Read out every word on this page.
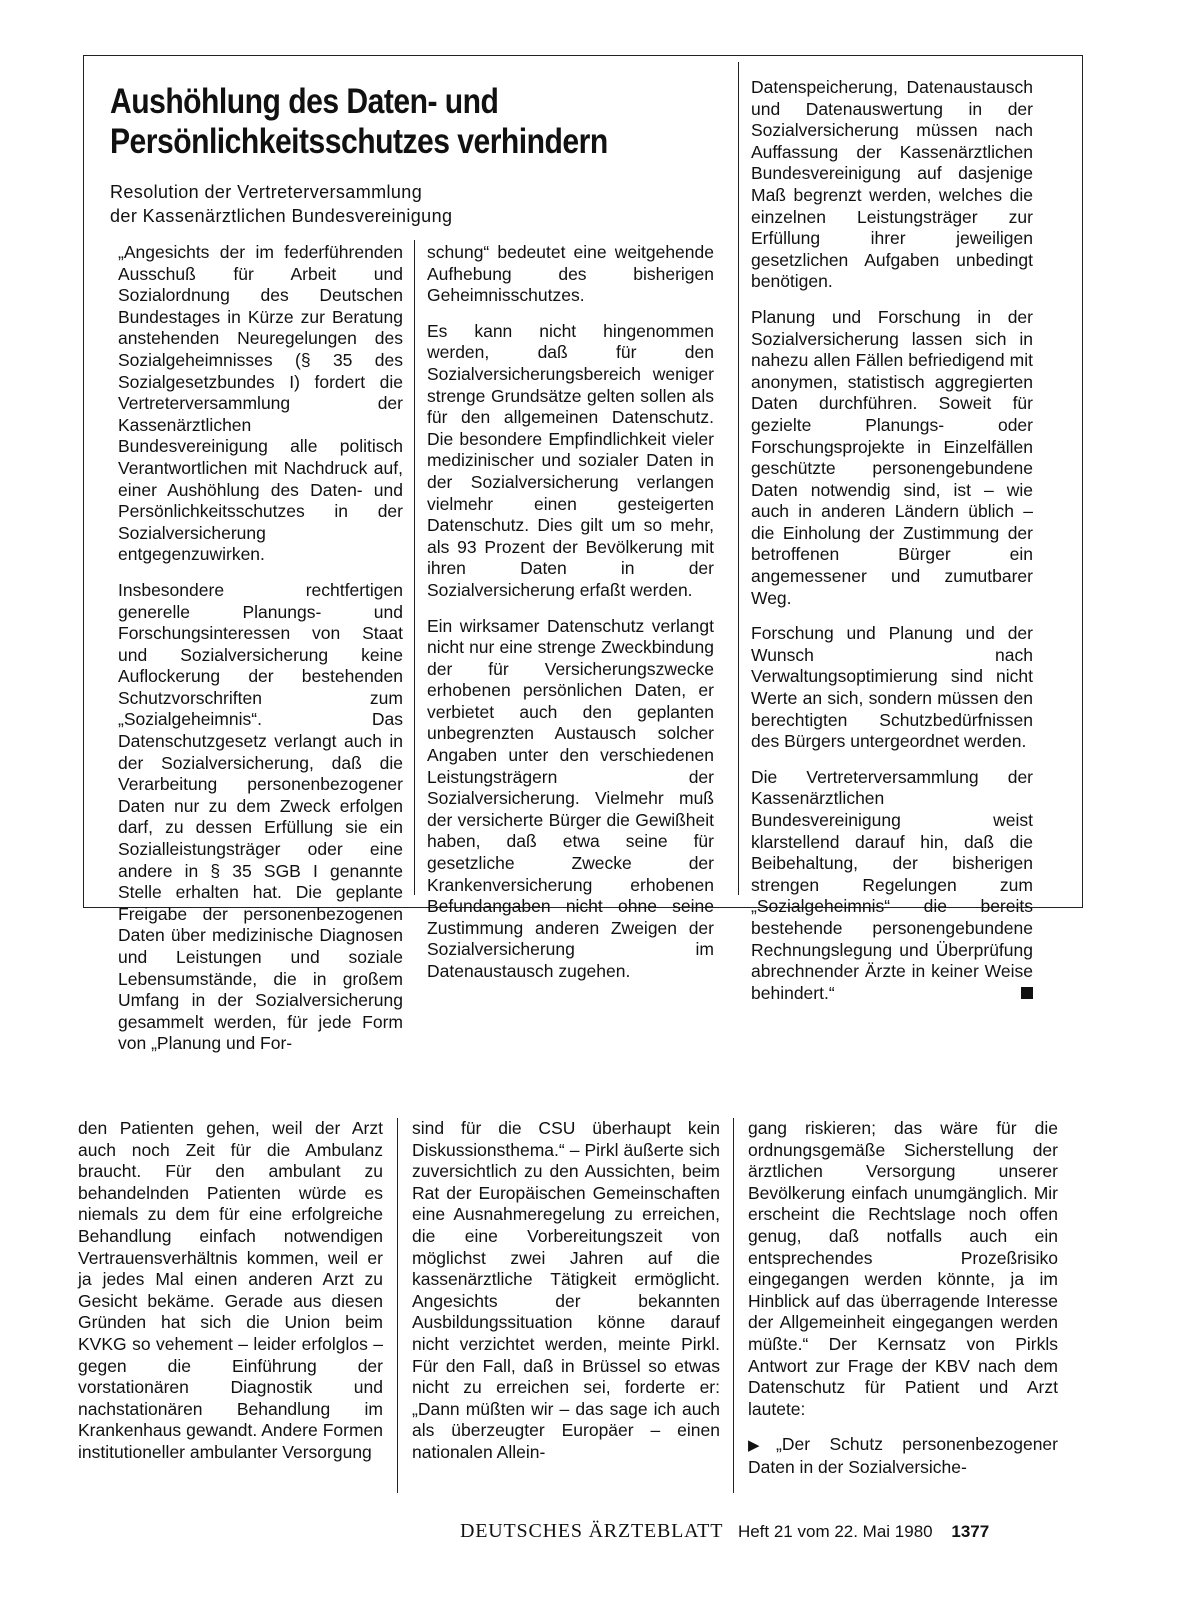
Aushöhlung des Daten- und
Persönlichkeitsschutzes verhindern
Resolution der Vertreterversammlung
der Kassenärztlichen Bundesvereinigung

„Angesichts der im federführenden Ausschuß für Arbeit und Sozialordnung des Deutschen Bundestages in Kürze zur Beratung anstehenden Neuregelungen des Sozialgeheimnisses (§ 35 des Sozialgesetzbundes I) fordert die Vertreterversammlung der Kassenärztlichen Bundesvereinigung alle politisch Verantwortlichen mit Nachdruck auf, einer Aushöhlung des Daten- und Persönlichkeitsschutzes in der Sozialversicherung entgegenzuwirken.

Insbesondere rechtfertigen generelle Planungs- und Forschungsinteressen von Staat und Sozialversicherung keine Auflockerung der bestehenden Schutzvorschriften zum „Sozialgeheimnis“. Das Datenschutzgesetz verlangt auch in der Sozialversicherung, daß die Verarbeitung personenbezogener Daten nur zu dem Zweck erfolgen darf, zu dessen Erfüllung sie ein Sozialleistungsträger oder eine andere in § 35 SGB I genannte Stelle erhalten hat. Die geplante Freigabe der personenbezogenen Daten über medizinische Diagnosen und Leistungen und soziale Lebensumstände, die in großem Umfang in der Sozialversicherung gesammelt werden, für jede Form von „Planung und For-

schung“ bedeutet eine weitgehende Aufhebung des bisherigen Geheimnisschutzes.

Es kann nicht hingenommen werden, daß für den Sozialversicherungsbereich weniger strenge Grundsätze gelten sollen als für den allgemeinen Datenschutz. Die besondere Empfindlichkeit vieler medizinischer und sozialer Daten in der Sozialversicherung verlangen vielmehr einen gesteigerten Datenschutz. Dies gilt um so mehr, als 93 Prozent der Bevölkerung mit ihren Daten in der Sozialversicherung erfaßt werden.

Ein wirksamer Datenschutz verlangt nicht nur eine strenge Zweckbindung der für Versicherungszwecke erhobenen persönlichen Daten, er verbietet auch den geplanten unbegrenzten Austausch solcher Angaben unter den verschiedenen Leistungsträgern der Sozialversicherung. Vielmehr muß der versicherte Bürger die Gewißheit haben, daß etwa seine für gesetzliche Zwecke der Krankenversicherung erhobenen Befundangaben nicht ohne seine Zustimmung anderen Zweigen der Sozialversicherung im Datenaustausch zugehen.

Datenspeicherung, Datenaustausch und Datenauswertung in der Sozialversicherung müssen nach Auffassung der Kassenärztlichen Bundesvereinigung auf dasjenige Maß begrenzt werden, welches die einzelnen Leistungsträger zur Erfüllung ihrer jeweiligen gesetzlichen Aufgaben unbedingt benötigen.

Planung und Forschung in der Sozialversicherung lassen sich in nahezu allen Fällen befriedigend mit anonymen, statistisch aggregierten Daten durchführen. Soweit für gezielte Planungs- oder Forschungsprojekte in Einzelfällen geschützte personengebundene Daten notwendig sind, ist – wie auch in anderen Ländern üblich – die Einholung der Zustimmung der betroffenen Bürger ein angemessener und zumutbarer Weg.

Forschung und Planung und der Wunsch nach Verwaltungsoptimierung sind nicht Werte an sich, sondern müssen den berechtigten Schutzbedürfnissen des Bürgers untergeordnet werden.

Die Vertreterversammlung der Kassenärztlichen Bundesvereinigung weist klarstellend darauf hin, daß die Beibehaltung, der bisherigen strengen Regelungen zum „Sozialgeheimnis“ die bereits bestehende personengebundene Rechnungslegung und Überprüfung abrechnender Ärzte in keiner Weise behindert.“

den Patienten gehen, weil der Arzt auch noch Zeit für die Ambulanz braucht. Für den ambulant zu behandelnden Patienten würde es niemals zu dem für eine erfolgreiche Behandlung einfach notwendigen Vertrauensverhältnis kommen, weil er ja jedes Mal einen anderen Arzt zu Gesicht bekäme. Gerade aus diesen Gründen hat sich die Union beim KVKG so vehement – leider erfolglos – gegen die Einführung der vorstationären Diagnostik und nachstationären Behandlung im Krankenhaus gewandt. Andere Formen institutioneller ambulanter Versorgung

sind für die CSU überhaupt kein Diskussionsthema.“ – Pirkl äußerte sich zuversichtlich zu den Aussichten, beim Rat der Europäischen Gemeinschaften eine Ausnahmeregelung zu erreichen, die eine Vorbereitungszeit von möglichst zwei Jahren auf die kassenärztliche Tätigkeit ermöglicht. Angesichts der bekannten Ausbildungssituation könne darauf nicht verzichtet werden, meinte Pirkl. Für den Fall, daß in Brüssel so etwas nicht zu erreichen sei, forderte er: „Dann müßten wir – das sage ich auch als überzeugter Europäer – einen nationalen Allein-

gang riskieren; das wäre für die ordnungsgemäße Sicherstellung der ärztlichen Versorgung unserer Bevölkerung einfach unumgänglich. Mir erscheint die Rechtslage noch offen genug, daß notfalls auch ein entsprechendes Prozeßrisiko eingegangen werden könnte, ja im Hinblick auf das überragende Interesse der Allgemeinheit eingegangen werden müßte.“ Der Kernsatz von Pirkls Antwort zur Frage der KBV nach dem Datenschutz für Patient und Arzt lautete:

▶ „Der Schutz personenbezogener Daten in der Sozialversiche-

DEUTSCHES ÄRZTEBLATT Heft 21 vom 22. Mai 1980 1377
